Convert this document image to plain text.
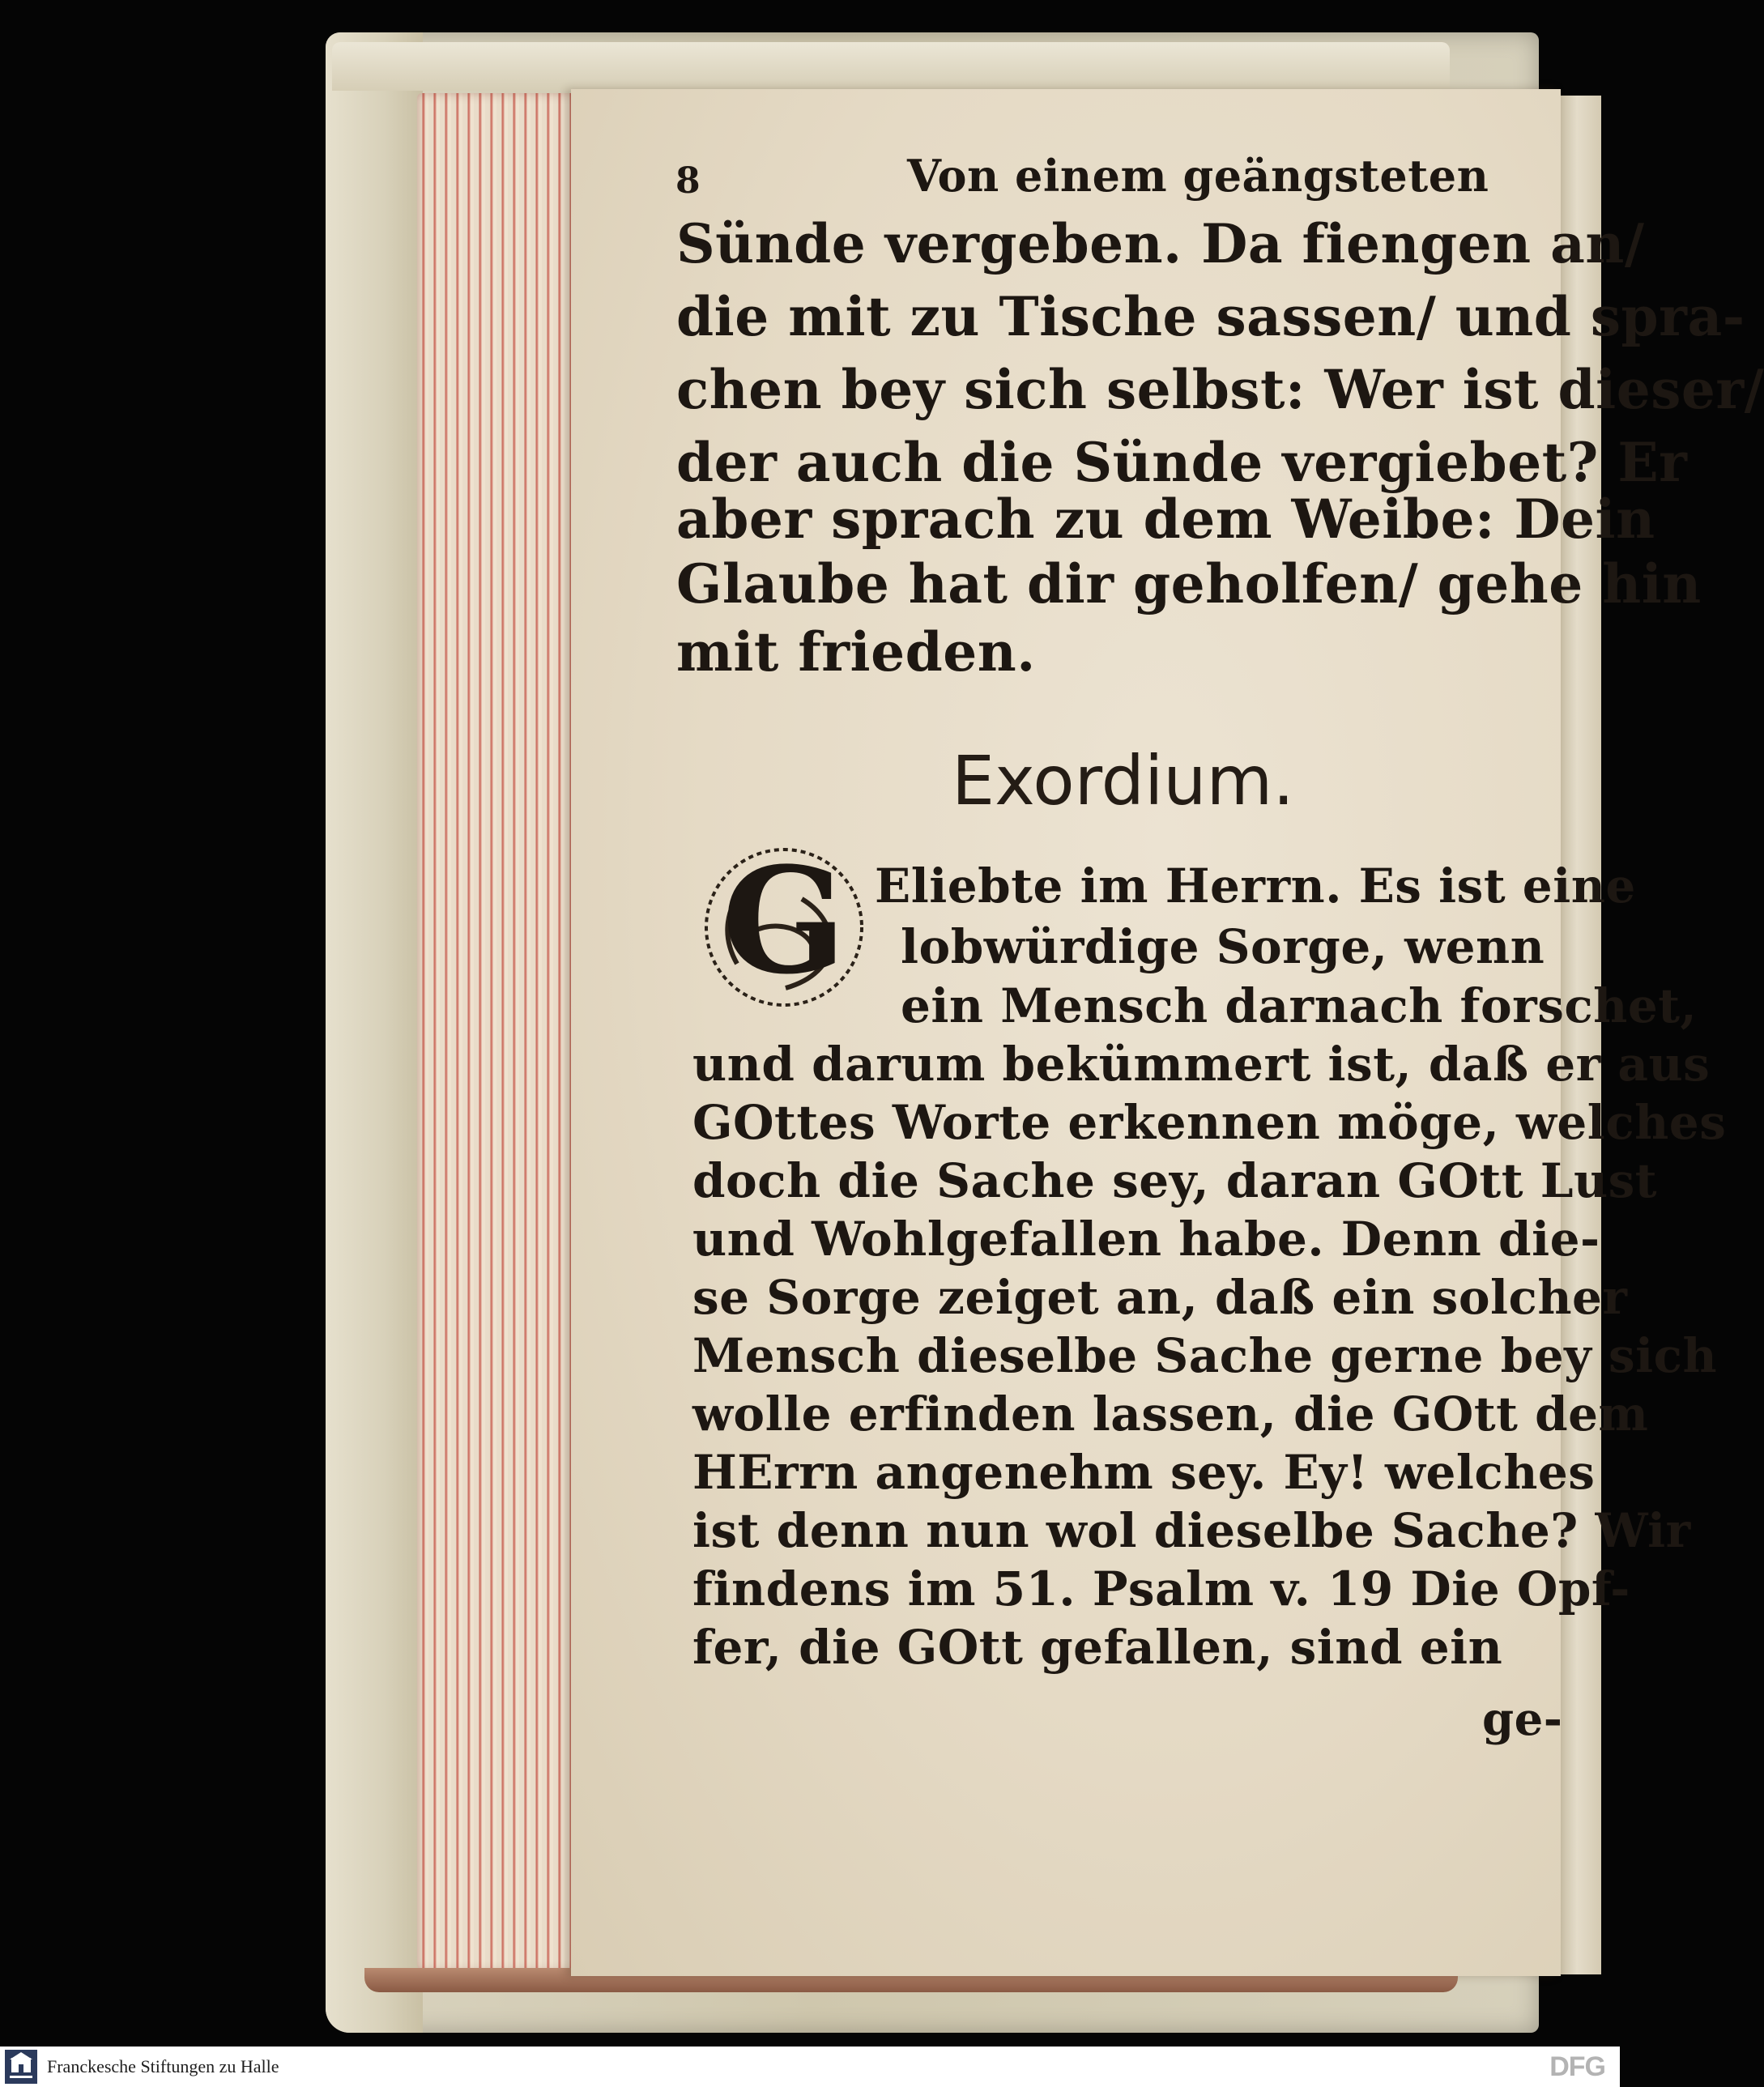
8	Von einem geängsteten
Sünde vergeben. Da fiengen an/
die mit zu Tische sassen/ und spra-
chen bey sich selbst: Wer ist dieser/
der auch die Sünde vergiebet? Er
aber sprach zu dem Weibe: Dein
Glaube hat dir geholfen/ gehe hin
mit frieden.
Exordium.
G Eliebte im Herrn. Es ist eine
lobwürdige Sorge, wenn
ein Mensch darnach forschet,
und darum bekümmert ist, daß er aus
GOttes Worte erkennen möge, welches
doch die Sache sey, daran GOtt Lust
und Wohlgefallen habe. Denn die-
se Sorge zeiget an, daß ein solcher
Mensch dieselbe Sache gerne bey sich
wolle erfinden lassen, die GOtt dem
HErrn angenehm sey. Ey! welches
ist denn nun wol dieselbe Sache? Wir
findens im 51. Psalm v. 19 Die Opf-
fer, die GOtt gefallen, sind ein
ge-
Franckesche Stiftungen zu Halle	DFG
